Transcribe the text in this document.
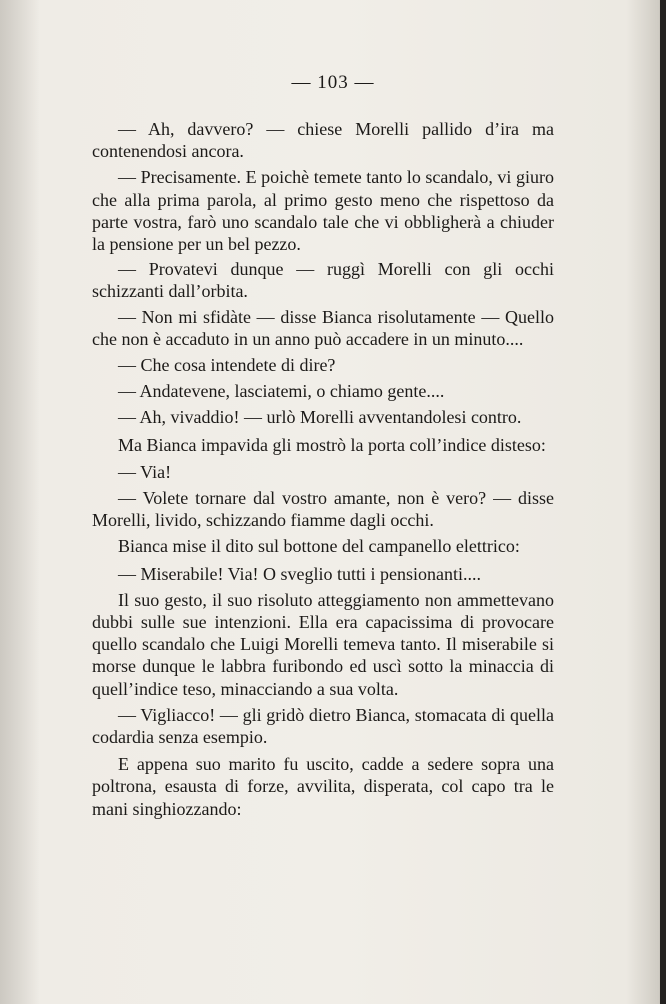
— 103 —

— Ah, davvero? — chiese Morelli pallido d’ira ma contenendosi ancora.

— Precisamente. E poichè temete tanto lo scandalo, vi giuro che alla prima parola, al primo gesto meno che rispettoso da parte vostra, farò uno scandalo tale che vi obbligherà a chiuder la pensione per un bel pezzo.

— Provatevi dunque — ruggì Morelli con gli occhi schizzanti dall’orbita.

— Non mi sfidàte — disse Bianca risolutamente — Quello che non è accaduto in un anno può accadere in un minuto....

— Che cosa intendete di dire?

— Andatevene, lasciatemi, o chiamo gente....

— Ah, vivaddio! — urlò Morelli avventandolesi contro.

Ma Bianca impavida gli mostrò la porta coll’indice disteso:

— Via!

— Volete tornare dal vostro amante, non è vero? — disse Morelli, livido, schizzando fiamme dagli occhi.

Bianca mise il dito sul bottone del campanello elettrico:

— Miserabile! Via! O sveglio tutti i pensionanti....

Il suo gesto, il suo risoluto atteggiamento non ammettevano dubbi sulle sue intenzioni. Ella era capacissima di provocare quello scandalo che Luigi Morelli temeva tanto. Il miserabile si morse dunque le labbra furibondo ed uscì sotto la minaccia di quell’indice teso, minacciando a sua volta.

— Vigliacco! — gli gridò dietro Bianca, stomacata di quella codardia senza esempio.

E appena suo marito fu uscito, cadde a sedere sopra una poltrona, esausta di forze, avvilita, disperata, col capo tra le mani singhiozzando:
